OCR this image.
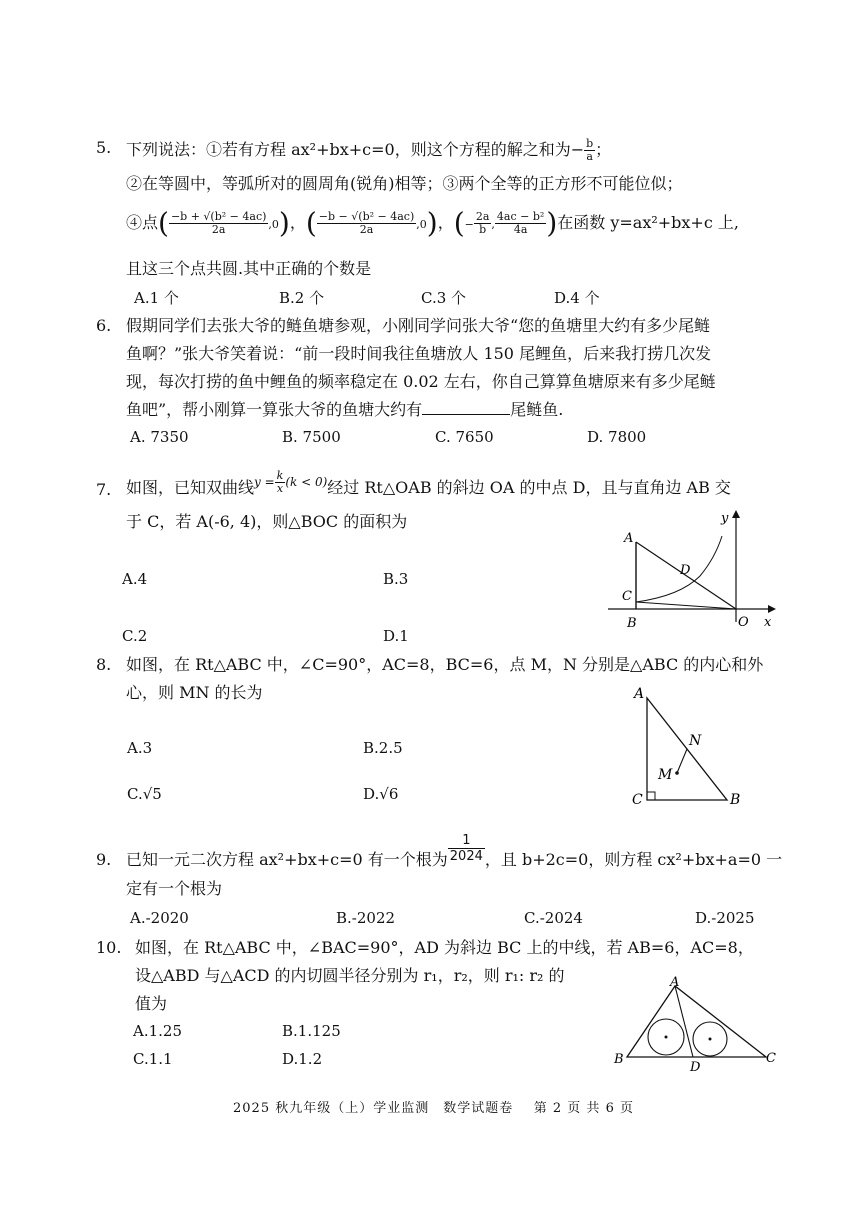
5. 下列说法：①若有方程 ax²+bx+c=0，则这个方程的解之和为− $\frac{b}{a}$ ；
②在等圆中，等弧所对的圆周角(锐角)相等；③两个全等的正方形不可能位似；
④点( $\frac{\text{−b + √(b² − 4ac)}}{2a} ,0$)，( $\frac{\text{−b − √(b² − 4ac)}}{2a} ,0$)，(− $\frac{2a}{b}$ , $\frac{\text{4ac − b²}}{4a}$ )在函数 y=ax²+bx+c 上,
且这三个点共圆.其中正确的个数是
A.1 个	B.2 个	C.3 个	D.4 个
6. 假期同学们去张大爷的鲢鱼塘参观，小刚同学问张大爷“您的鱼塘里大约有多少尾鲢
鱼啊？”张大爷笑着说：“前一段时间我往鱼塘放人 150 尾鲤鱼，后来我打捞几次发
现，每次打捞的鱼中鲤鱼的频率稳定在 0.02 左右，你自己算算鱼塘原来有多少尾鲢
鱼吧”，帮小刚算一算张大爷的鱼塘大约有	尾鲢鱼.
A. 7350	B. 7500	C. 7650	D. 7800
7. 如图，已知双曲线$^{y = \frac{k}{x} (k < 0)}$经过 Rt△OAB 的斜边 OA 的中点 D，且与直角边 AB 交
于 C，若 A(-6, 4)，则△BOC 的面积为
A.4	B.3
C.2	D.1
A
D
C
B	O x
y
8. 如图，在 Rt△ABC 中，∠C=90°，AC=8，BC=6，点 M，N 分别是△ABC 的内心和外
心，则 MN 的长为
A.3	B.2.5
C.√5	D.√6
A
N
M
C	B
9. 已知一元二次方程 ax²+bx+c=0 有一个根为 $\frac{1}{2024}$ ，且 b+2c=0，则方程 cx²+bx+a=0 一
定有一个根为
A.-2020	B.-2022	C.-2024	D.-2025
10. 如图，在 Rt△ABC 中，∠BAC=90°，AD 为斜边 BC 上的中线，若 AB=6，AC=8，
设△ABD 与△ACD 的内切圆半径分别为 r₁，r₂，则 r₁: r₂ 的
值为
A.1.25	B.1.125
C.1.1	D.1.2
A
B	C
D
2025 秋九年级（上）学业监测　数学试题卷 第 2 页 共 6 页
